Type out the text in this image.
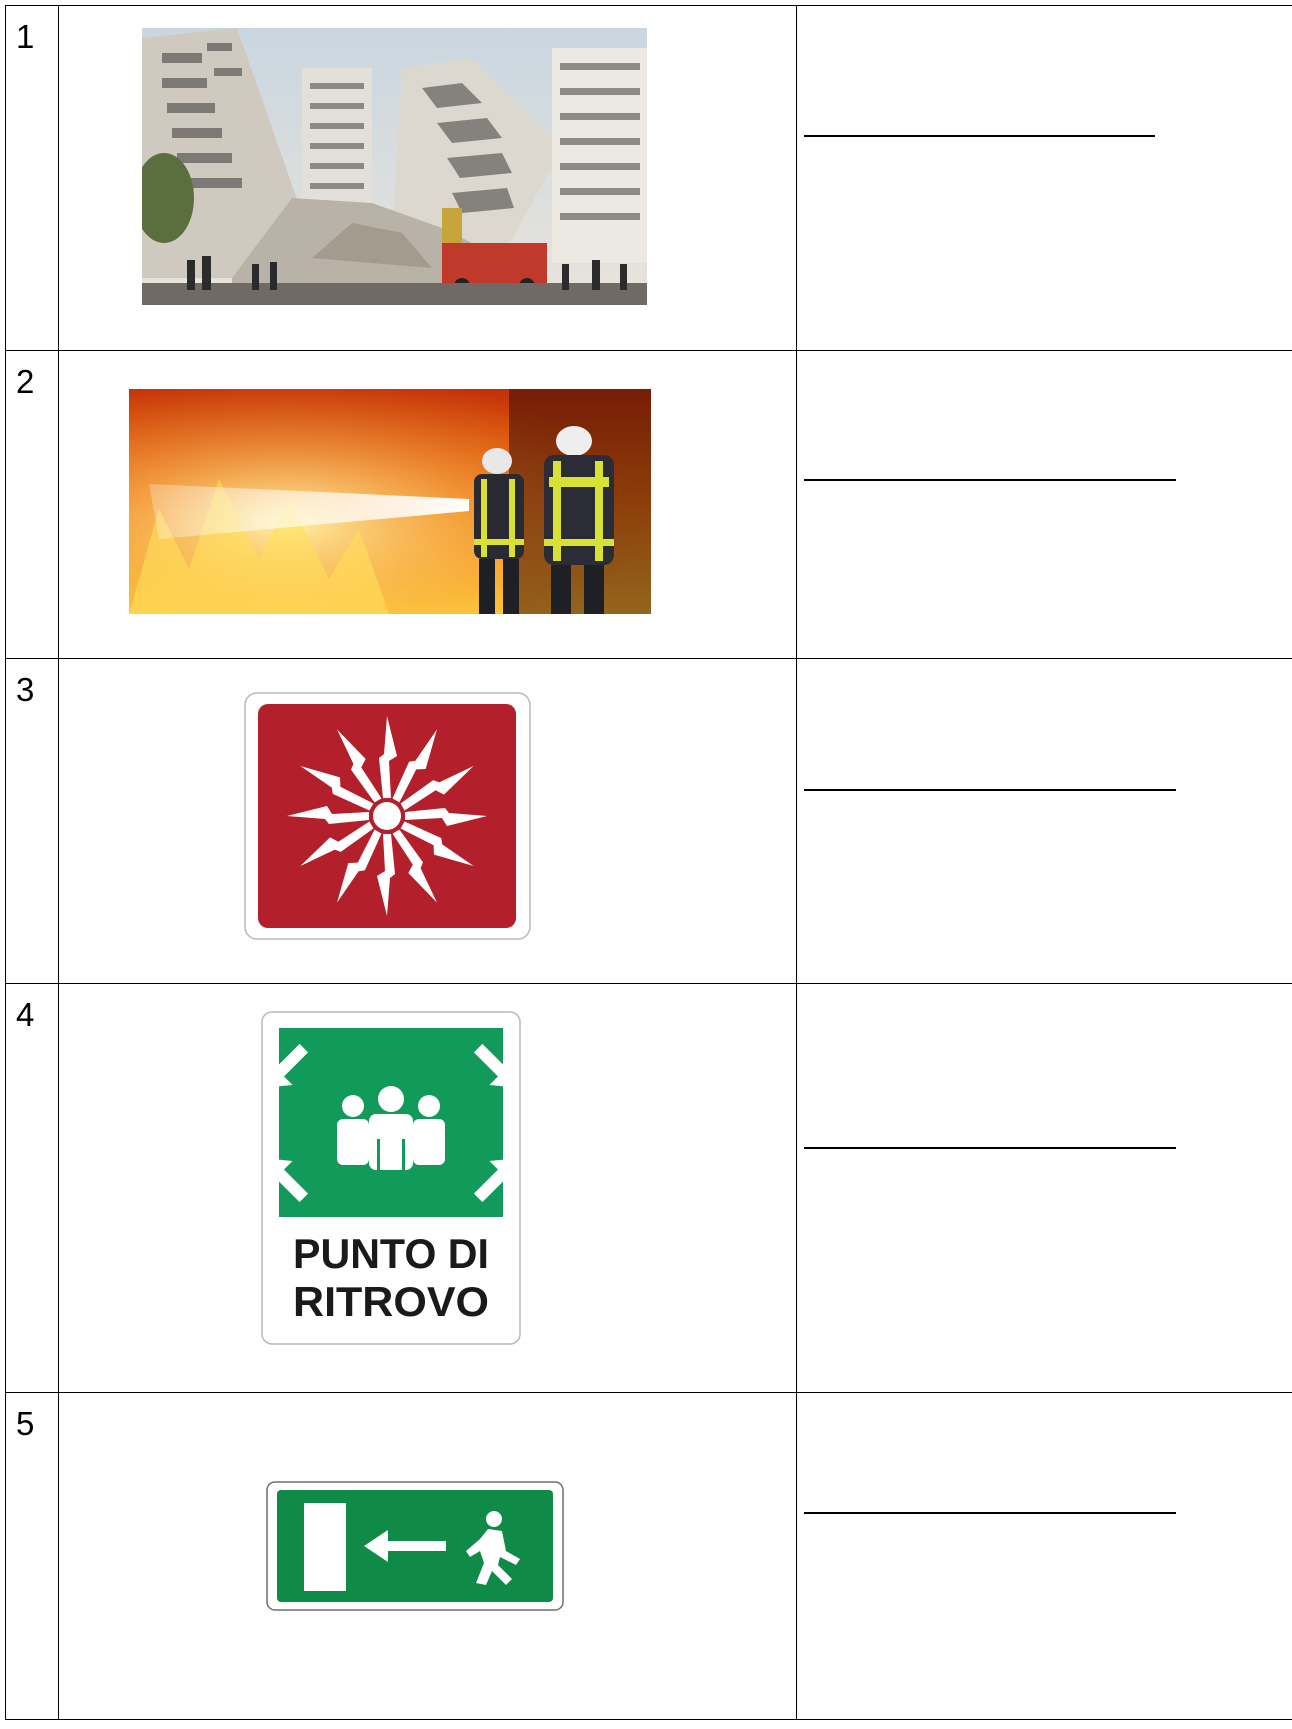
1

2

3

4	PUNTO DI
RITROVO	

5
